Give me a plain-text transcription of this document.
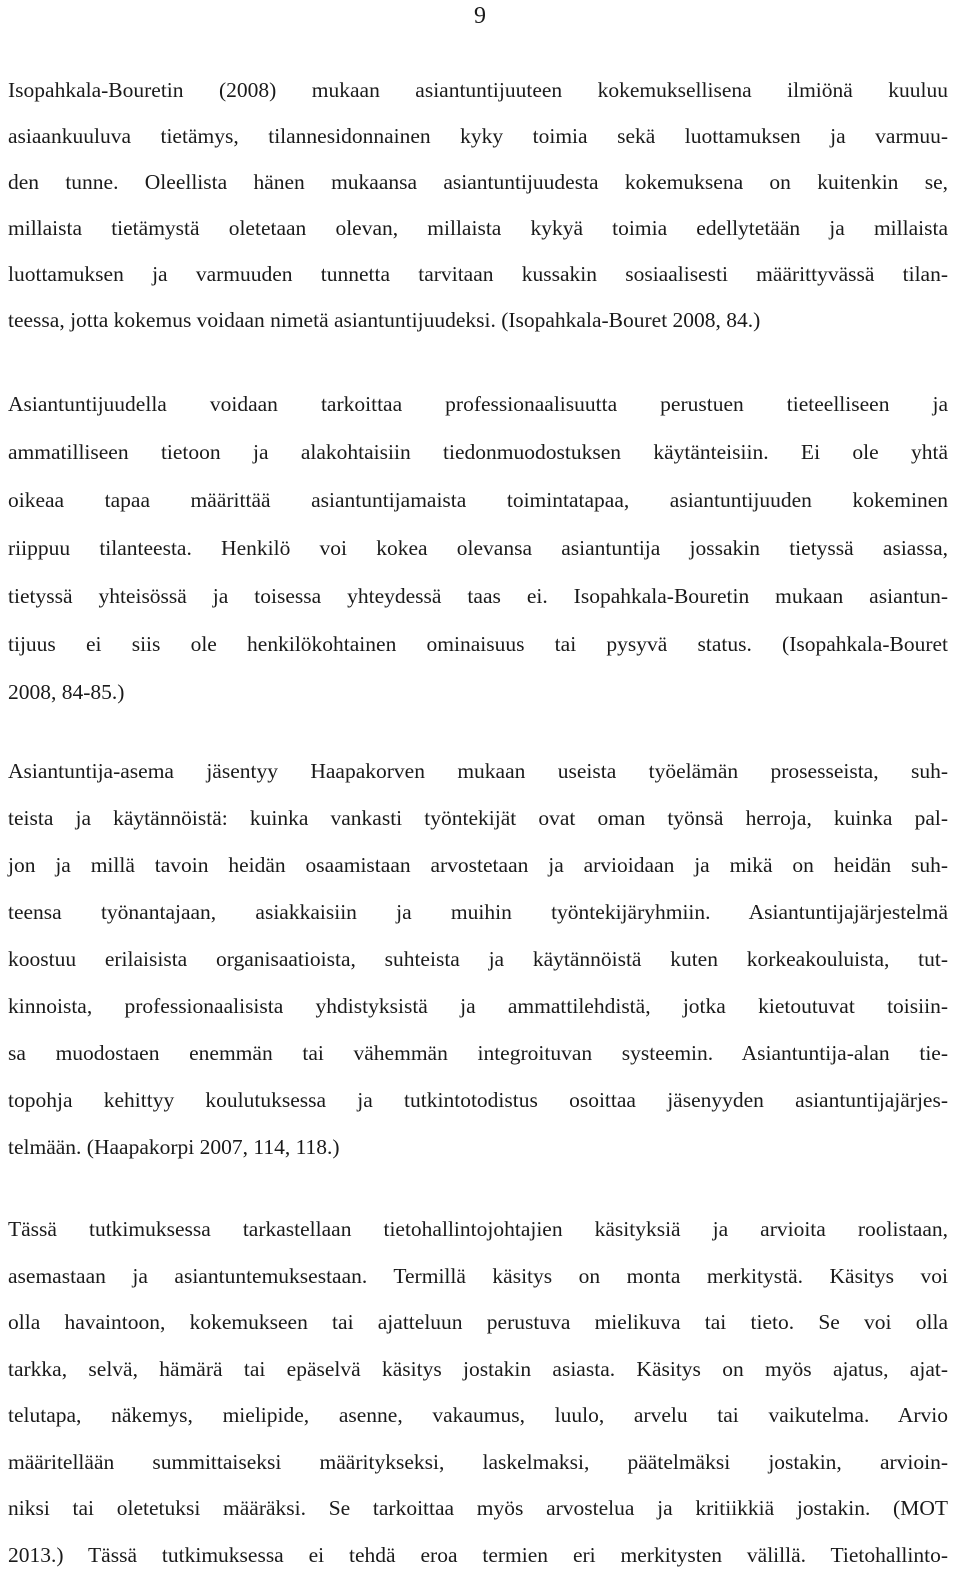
9
Isopahkala-Bouretin (2008) mukaan asiantuntijuuteen kokemuksellisena ilmiönä kuuluu
asiaankuuluva tietämys, tilannesidonnainen kyky toimia sekä luottamuksen ja varmuu-
den tunne. Oleellista hänen mukaansa asiantuntijuudesta kokemuksena on kuitenkin se,
millaista tietämystä oletetaan olevan, millaista kykyä toimia edellytetään ja millaista
luottamuksen ja varmuuden tunnetta tarvitaan kussakin sosiaalisesti määrittyvässä tilan-
teessa, jotta kokemus voidaan nimetä asiantuntijuudeksi. (Isopahkala-Bouret 2008, 84.)
Asiantuntijuudella voidaan tarkoittaa professionaalisuutta perustuen tieteelliseen ja
ammatilliseen tietoon ja alakohtaisiin tiedonmuodostuksen käytänteisiin. Ei ole yhtä
oikeaa tapaa määrittää asiantuntijamaista toimintatapaa, asiantuntijuuden kokeminen
riippuu tilanteesta. Henkilö voi kokea olevansa asiantuntija jossakin tietyssä asiassa,
tietyssä yhteisössä ja toisessa yhteydessä taas ei. Isopahkala-Bouretin mukaan asiantun-
tijuus ei siis ole henkilökohtainen ominaisuus tai pysyvä status. (Isopahkala-Bouret
2008, 84-85.)
Asiantuntija-asema jäsentyy Haapakorven mukaan useista työelämän prosesseista, suh-
teista ja käytännöistä: kuinka vankasti työntekijät ovat oman työnsä herroja, kuinka pal-
jon ja millä tavoin heidän osaamistaan arvostetaan ja arvioidaan ja mikä on heidän suh-
teensa työnantajaan, asiakkaisiin ja muihin työntekijäryhmiin. Asiantuntijajärjestelmä
koostuu erilaisista organisaatioista, suhteista ja käytännöistä kuten korkeakouluista, tut-
kinnoista, professionaalisista yhdistyksistä ja ammattilehdistä, jotka kietoutuvat toisiin-
sa muodostaen enemmän tai vähemmän integroituvan systeemin. Asiantuntija-alan tie-
topohja kehittyy koulutuksessa ja tutkintotodistus osoittaa jäsenyyden asiantuntijajärjes-
telmään. (Haapakorpi 2007, 114, 118.)
Tässä tutkimuksessa tarkastellaan tietohallintojohtajien käsityksiä ja arvioita roolistaan,
asemastaan ja asiantuntemuksestaan. Termillä käsitys on monta merkitystä. Käsitys voi
olla havaintoon, kokemukseen tai ajatteluun perustuva mielikuva tai tieto. Se voi olla
tarkka, selvä, hämärä tai epäselvä käsitys jostakin asiasta. Käsitys on myös ajatus, ajat-
telutapa, näkemys, mielipide, asenne, vakaumus, luulo, arvelu tai vaikutelma. Arvio
määritellään summittaiseksi määritykseksi, laskelmaksi, päätelmäksi jostakin, arvioin-
niksi tai oletetuksi määräksi. Se tarkoittaa myös arvostelua ja kritiikkiä jostakin. (MOT
2013.) Tässä tutkimuksessa ei tehdä eroa termien eri merkitysten välillä. Tietohallinto-
